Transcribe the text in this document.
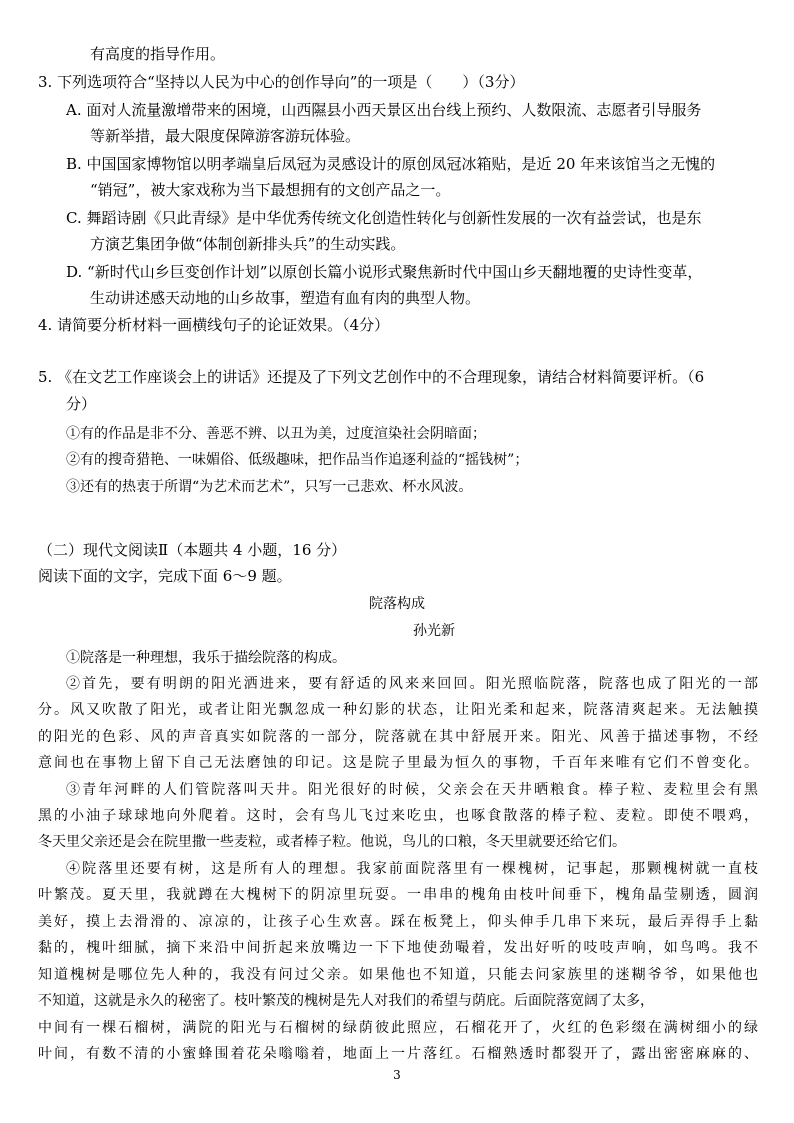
有高度的指导作用。
3. 下列选项符合“坚持以人民为中心的创作导向”的一项是（　　）（3分）
A. 面对人流量激增带来的困境，山西隰县小西天景区出台线上预约、人数限流、志愿者引导服务
等新举措，最大限度保障游客游玩体验。
B. 中国国家博物馆以明孝端皇后凤冠为灵感设计的原创凤冠冰箱贴，是近 20 年来该馆当之无愧的
“销冠”，被大家戏称为当下最想拥有的文创产品之一。
C. 舞蹈诗剧《只此青绿》是中华优秀传统文化创造性转化与创新性发展的一次有益尝试，也是东
方演艺集团争做“体制创新排头兵”的生动实践。
D. “新时代山乡巨变创作计划”以原创长篇小说形式聚焦新时代中国山乡天翻地覆的史诗性变革，
生动讲述感天动地的山乡故事，塑造有血有肉的典型人物。
4. 请简要分析材料一画横线句子的论证效果。（4分）
5. 《在文艺工作座谈会上的讲话》还提及了下列文艺创作中的不合理现象，请结合材料简要评析。（6
分）
①有的作品是非不分、善恶不辨、以丑为美，过度渲染社会阴暗面；
②有的搜奇猎艳、一味媚俗、低级趣味，把作品当作追逐利益的“摇钱树”；
③还有的热衷于所谓“为艺术而艺术”，只写一己悲欢、杯水风波。
（二）现代文阅读Ⅱ（本题共 4 小题，16 分）
阅读下面的文字，完成下面 6～9 题。
院落构成
孙光新
①院落是一种理想，我乐于描绘院落的构成。
②首先，要有明朗的阳光洒进来，要有舒适的风来来回回。阳光照临院落，院落也成了阳光的一部
分。风又吹散了阳光，或者让阳光飘忽成一种幻影的状态，让阳光柔和起来，院落清爽起来。无法触摸
的阳光的色彩、风的声音真实如院落的一部分，院落就在其中舒展开来。阳光、风善于描述事物，不经
意间也在事物上留下自己无法磨蚀的印记。这是院子里最为恒久的事物，千百年来唯有它们不曾变化。
③青年河畔的人们管院落叫天井。阳光很好的时候，父亲会在天井晒粮食。棒子粒、麦粒里会有黑
黑的小油子球球地向外爬着。这时，会有鸟儿飞过来吃虫，也啄食散落的棒子粒、麦粒。即使不喂鸡，
冬天里父亲还是会在院里撒一些麦粒，或者棒子粒。他说，鸟儿的口粮，冬天里就要还给它们。
④院落里还要有树，这是所有人的理想。我家前面院落里有一棵槐树，记事起，那颗槐树就一直枝
叶繁茂。夏天里，我就蹲在大槐树下的阴凉里玩耍。一串串的槐角由枝叶间垂下，槐角晶莹剔透，圆润
美好，摸上去滑滑的、凉凉的，让孩子心生欢喜。踩在板凳上，仰头伸手几串下来玩，最后弄得手上黏
黏的，槐叶细腻，摘下来沿中间折起来放嘴边一下下地使劲嘬着，发出好听的吱吱声响，如鸟鸣。我不
知道槐树是哪位先人种的，我没有问过父亲。如果他也不知道，只能去问家族里的迷糊爷爷，如果他也
不知道，这就是永久的秘密了。枝叶繁茂的槐树是先人对我们的希望与荫庇。后面院落宽阔了太多，
中间有一棵石榴树，满院的阳光与石榴树的绿荫彼此照应，石榴花开了，火红的色彩缀在满树细小的绿
叶间，有数不清的小蜜蜂围着花朵嗡嗡着，地面上一片落红。石榴熟透时都裂开了，露出密密麻麻的、
3
